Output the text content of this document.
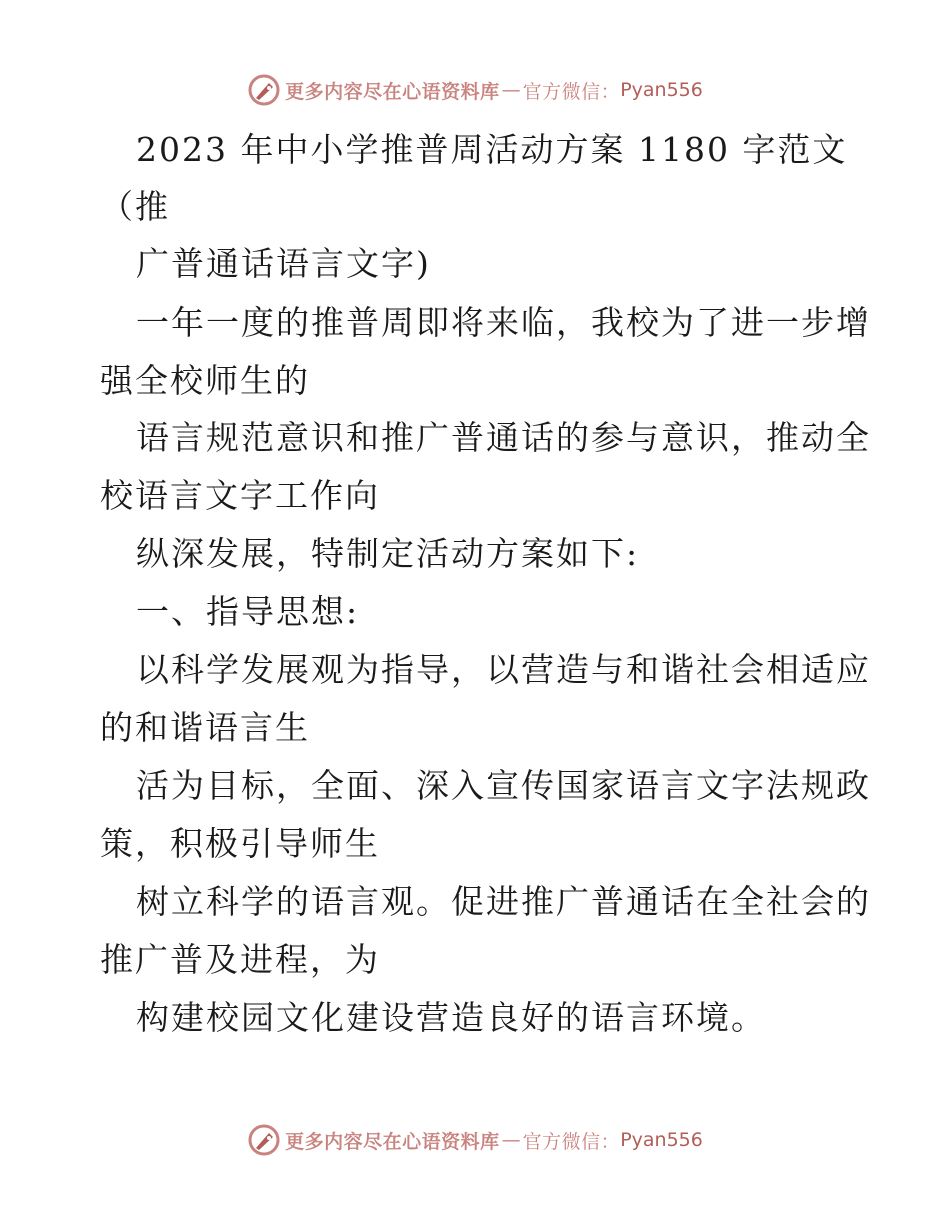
更多内容尽在心语资料库 — 官方微信： Pyan556
2023 年中小学推普周活动方案 1180 字范文
（推
广普通话语言文字)
一年一度的推普周即将来临，我校为了进一步增
强全校师生的
语言规范意识和推广普通话的参与意识，推动全
校语言文字工作向
纵深发展，特制定活动方案如下:
一、指导思想:
以科学发展观为指导，以营造与和谐社会相适应
的和谐语言生
活为目标，全面、深入宣传国家语言文字法规政
策，积极引导师生
树立科学的语言观。促进推广普通话在全社会的
推广普及进程，为
构建校园文化建设营造良好的语言环境。
更多内容尽在心语资料库 — 官方微信： Pyan556
